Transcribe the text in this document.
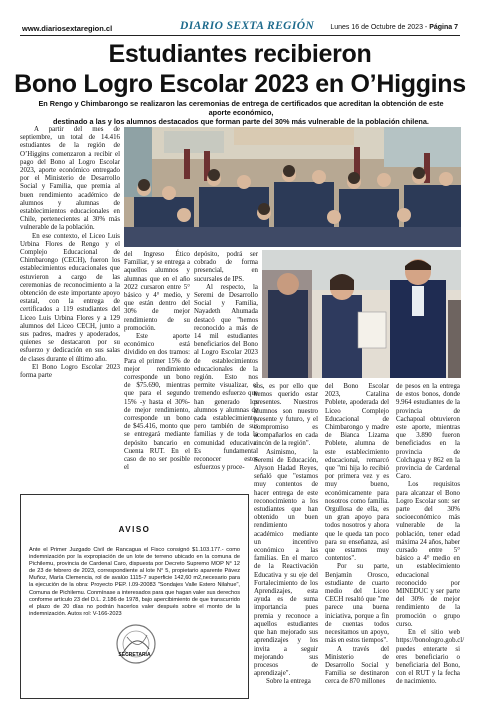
www.diariosextaregion.cl	DIARIO SEXTA REGIÓN Lunes 16 de Octubre de 2023 - Página 7
Estudiantes recibieron
Bono Logro Escolar 2023 en O’Higgins
En Rengo y Chimbarongo se realizaron las ceremonias de entrega de certificados que acreditan la obtención de este aporte económico,
destinado a las y los alumnos destacados que forman parte del 30% más vulnerable de la población chilena.

A partir del mes de septiembre, un total de 14.416 estudiantes de la región de O’Higgins comenzaron a recibir el pago del Bono al Logro Escolar 2023, aporte económico entregado por el Ministerio de Desarrollo Social y Familia, que premia al buen rendimiento académico de alumnos y alumnas de establecimientos educacionales en Chile, pertenecientes al 30% más vulnerable de la población.

En ese contexto, el Liceo Luis Urbina Flores de Rengo y el Complejo Educacional de Chimbarongo (CECH), fueron los establecimientos educacionales que estuvieron a cargo de las ceremonias de reconocimiento a la obtención de este importante apoyo estatal, con la entrega de certificados a 119 estudiantes del Liceo Luis Urbina Flores y a 129 alumnos del Liceo CECH, junto a sus padres, madres y apoderados, quienes se destacaron por su esfuerzo y dedicación en sus salas de clases durante el último año.

El Bono Logro Escolar 2023 forma parte

del Ingreso Ético Familiar, y se entrega a aquellos alumnos y alumnas que en el año 2022 cursaron entre 5° básico y 4° medio, y que están dentro del 30% de mejor rendimiento de su promoción.

Este aporte económico está dividido en dos tramos: Para el primer 15% de mejor rendimiento corresponde un bono de $75.690, mientras que para el segundo 15% -y hasta el 30%- de mejor rendimiento, corresponde un bono de $45.416, monto que se entregará mediante depósito bancario en Cuenta RUT. En el caso de no ser posible el

depósito, podrá ser cobrado de forma presencial, en sucursales de IPS.

Al respecto, la Seremi de Desarrollo Social y Familia, Nayadeth Ahumada destacó que "hemos reconocido a más de 14 mil estudiantes beneficiarios del Bono al Logro Escolar 2023 de establecimientos educacionales de la región. Esto nos permite visualizar, el tremendo esfuerzo que han generado los alumnos y alumnas de cada establecimiento, pero también de sus familias y de toda la comunidad educativa. Es fundamental reconocer estos esfuerzos y proce-

sos, es por ello que hemos querido estar presentes. Nuestros alumnos son nuestro presente y futuro, y el compromiso es acompañarlos en cada rincón de la región".

Asimismo, la Seremi de Educación, Alyson Hadad Reyes, señaló que "estamos muy contentos de hacer entrega de este reconocimiento a los estudiantes que han obtenido un buen rendimiento académico mediante un incentivo económico a las familias. En el marco de la Reactivación Educativa y su eje del Fortalecimiento de los Aprendizajes, esta ayuda es de suma importancia pues premia y reconoce a aquellos estudiantes que han mejorado sus aprendizajes y los invita a seguir mejorando sus procesos de aprendizaje".

Sobre la entrega

del Bono Escolar 2023, Catalina Poblete, apoderada del Liceo Complejo Educacional de Chimbarongo y madre de Bianca Lizama Poblete, alumna de este establecimiento educacional, remarcó que "mi hija lo recibió por primera vez y es muy bueno, económicamente para nosotros como familia. Orgullosa de ella, es un gran apoyo para todos nosotros y ahora que le queda tan poco para su enseñanza, así que estamos muy contentos".

Por su parte, Benjamín Orosco, estudiante de cuarto medio del Liceo CECH resaltó que "me parece una buena iniciativa, porque a fin de cuentas todos necesitamos un apoyo, más en estos tiempos".

A través del Ministerio de Desarrollo Social y Familia se destinaron cerca de 870 millones

de pesos en la entrega de estos bonos, donde 9.964 estudiantes de la provincia de Cachapoal obtuvieron este aporte, mientras que 3.890 fueron beneficiados en la provincia de Colchagua y 862 en la provincia de Cardenal Caro.

Los requisitos para alcanzar el Bono Logro Escolar son: ser parte del 30% socioeconómico más vulnerable de la población, tener edad máxima 24 años, haber cursado entre 5° básico a 4° medio en un establecimiento educacional reconocido por MINEDUC y ser parte del 30% de mejor rendimiento de la promoción o grupo curso.

En el sitio web https://bonologro.gob.cl/ puedes enterarte si eres beneficiario o beneficiaria del Bono, con el RUT y la fecha de nacimiento.

AVISO
Ante el Primer Juzgado Civil de Rancagua el Fisco consignó $1.103.177.- como indemnización por la expropiación de un lote de terreno ubicado en la comuna de Pichilemu, provincia de Cardenal Caro, dispuesta por Decreto Supremo MOP N° 12 de 23 de febrero de 2023, correspondiente al lote N° 5, propietario aparente Pávez Muñoz, María Clemencia, rol de avalúo 1115-7 superficie 142,60 m2,necesario para la ejecución de la obra: Proyecto PEP. I.09-20083 "Sondajes Valle Estero Nilahue", Comuna de Pichilemu. Conmínase a interesados para que hagan valer sus derechos conforme artículo 23 del D.L. 2.186 de 1978, bajo apercibimiento de que transcurrido el plazo de 20 días no podrán hacerlos valer después sobre el monto de la indemnización. Autos rol: V-166-2023
SECRETARIA
